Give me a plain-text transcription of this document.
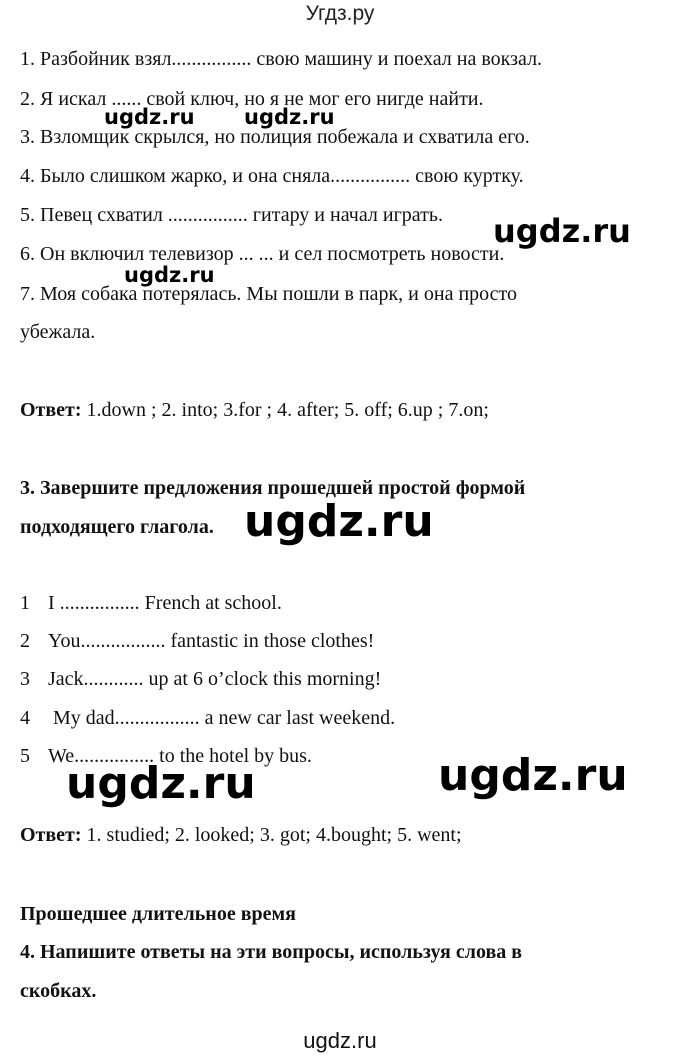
Угдз.ру
1. Разбойник взял................ свою машину и поехал на вокзал.
2. Я искал ...... свой ключ, но я не мог его нигде найти.
3. Взломщик скрылся, но полиция побежала и схватила его.
4. Было слишком жарко, и она сняла................ свою куртку.
5. Певец схватил ................ гитару и начал играть.
6. Он включил телевизор ... ... и сел посмотреть новости.
7. Моя собака потерялась. Мы пошли в парк, и она просто
убежала.
Ответ: 1.down ; 2. into; 3.for ; 4. after; 5. off; 6.up ; 7.on;
3. Завершите предложения прошедшей простой формой
подходящего глагола.
1 I ................ French at school.
2 You................. fantastic in those clothes!
3 Jack............ up at 6 o’clock this morning!
4 My dad................. a new car last weekend.
5 We................ to the hotel by bus.
Ответ: 1. studied; 2. looked; 3. got; 4.bought; 5. went;
Прошедшее длительное время
4. Напишите ответы на эти вопросы, используя слова в
скобках.
ugdz.ru ugdz.ru
ugdz.ru
ugdz.ru
ugdz.ru
ugdz.ru	ugdz.ru
ugdz.ru
